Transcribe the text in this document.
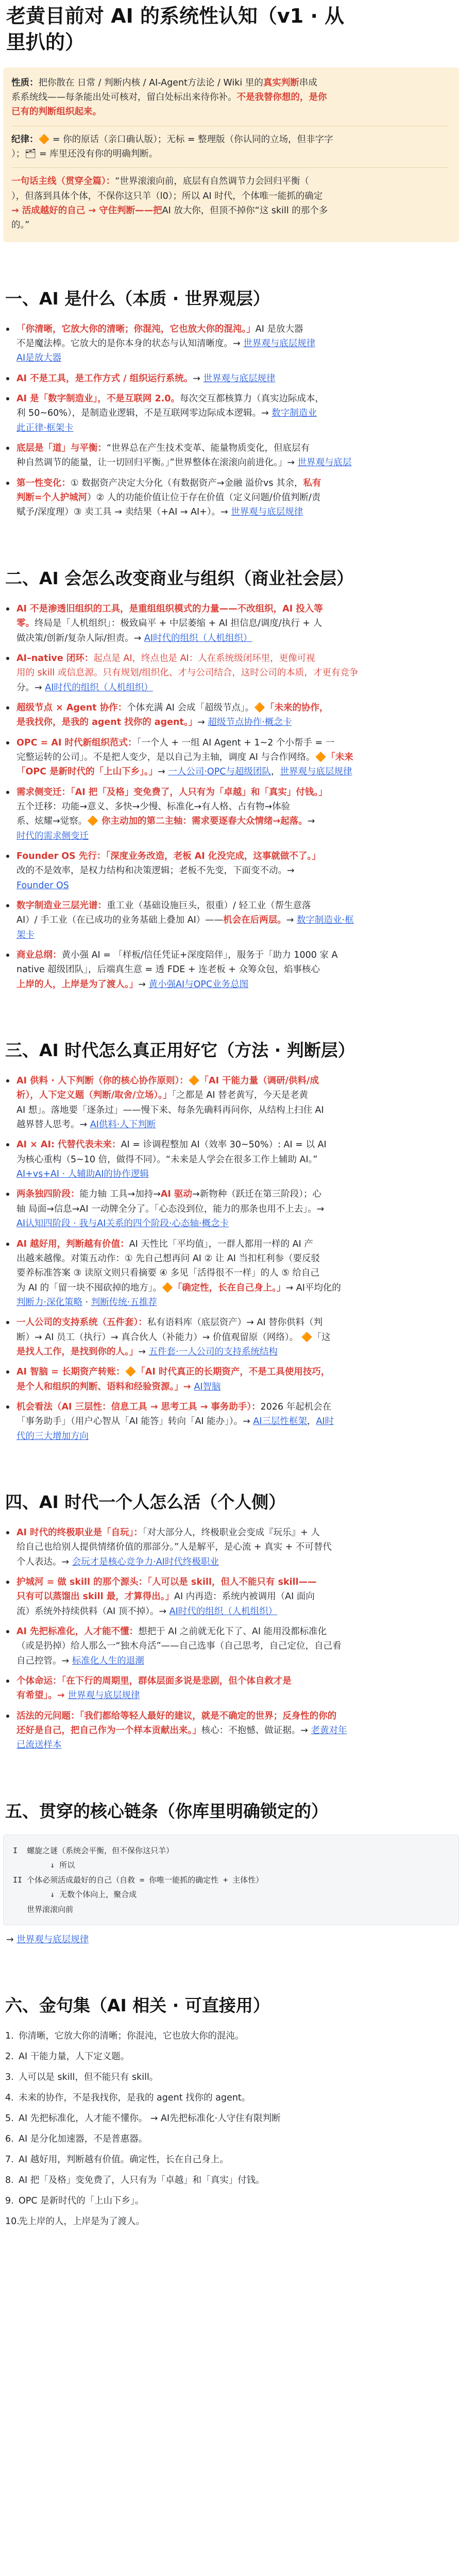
老黄目前对 AI 的系统性认知（v1 · 从
里扒的）
性质：把你散在 日常 / 判断内核 / AI-Agent方法论 / Wiki 里的真实判断串成
系系统线——每条能出处可核对，留白处标出来待你补。不是我替你想的，是你
已有的判断组织起来。
纪律：🔶 = 你的原话（亲口确认版）；无标 = 整理版（你认同的立场，但非字字
）；🗂 = 库里还没有你的明确判断。
一句话主线（贯穿全篇）：“世界滚滚向前，底层有自然调节力会回归平衡（
），但落到具体个体，不保你这只羊（l0）；所以 AI 时代，个体唯一能抓的确定
→ 活成越好的自己 → 守住判断——把AI 放大你，但顶不掉你“这 skill 的那个多
的。”
一、AI 是什么（本质 · 世界观层）
「你清晰，它放大你的清晰；你混沌，它也放大你的混沌。」AI 是放大器
不是魔法棒。它放大的是你本身的状态与认知清晰度。→ 世界观与底层规律
AI是放大器
AI 不是工具，是工作方式 / 组织运行系统。→ 世界观与底层规律
AI 是「数字制造业」，不是互联网 2.0。每次交互都核算力（真实边际成本，
利 50~60%），是制造业逻辑，不是互联网零边际成本逻辑。→ 数字制造业
此正律·框架卡
底层是「道」与平衡：“世界总在产生技术变革、能量物质变化，但底层有
种自然调节的能量，让一切回归平衡。」”世界整体在滚滚向前进化。」→ 世界观与底层
第一性变化：① 数据资产决定大分化（有数据资产→金融 溢价vs 其余，私有
判断=个人护城河）② 人的功能价值让位于存在价值（定义问题/价值判断/责
赋予/深度理）③ 卖工具 → 卖结果（+AI → AI+）。→ 世界观与底层规律
二、AI 会怎么改变商业与组织（商业社会层）
AI 不是渗透旧组织的工具，是重组组织模式的力量——不改组织，AI 投入等
零。终局是「人机组织」：极致扁平 + 中层萎缩 + AI 担信息/调度/执行 + 人
做决策/创新/复杂人际/担责。→ AI时代的组织（人机组织）
AI–native 闭环：起点是 AI，终点也是 AI：人在系统级闭环里，更像可视
用的 skill 或信息源。只有规划/组织化、才与公司结合，这时公司的本质，才更有竞争
分。→ AI时代的组织（人机组织）
超级节点 × Agent 协作：个体充满 AI 会成「超级节点」。🔶「未来的协作，
是我找你，是我的 agent 找你的 agent。」→ 超级节点协作·概念卡
OPC = AI 时代新组织范式：「一个人 + 一组 AI Agent + 1~2 个小帮手 = 一
完整运转的公司」。不是把人变少，是以自己为主轴，调度 AI 与合作网络。🔶「未来
「OPC 是新时代的「上山下乡」。」→ 一人公司·OPC与超级团队，世界观与底层规律
需求侧变迁：「AI 把「及格」变免费了，人只有为「卓越」和「真实」付钱。」
五个迁移：功能→意义、多快→少慢、标准化→有人格、占有物→体验
系、炫耀→觉察。🔶 你主动加的第二主轴：需求要逐春大众情绪→起落。→
时代的需求侧变迁
Founder OS 先行：「深度业务改造，老板 AI 化没完成，这事就做不了。」
改的不是效率，是权力结构和决策逻辑；老板不先变，下面变不动。→
Founder OS
数字制造业三层光谱：重工业（基础设施巨头，很重）/ 轻工业（帮生意落
AI）/ 手工业（在已成功的业务基础上叠加 AI）——机会在后两层。→ 数字制造业·框
架卡
商业总纲：黄小强 AI = 「样板/信任凭证+深度陪伴」，服务于「助力 1000 家 A
native 超级团队」，后端真生意 = 透 FDE + 连老板 + 众筹众包，焰事核心
上岸的人，上岸是为了渡人。」→ 黄小强AI与OPC业务总图
三、AI 时代怎么真正用好它（方法 · 判断层）
AI 供料 · 人下判断（你的核心协作原则）：🔶「AI 干能力量（调研/供料/成
析），人下定义题（判断/取舍/立场）。」「之都是 AI 替老黄写，今天是老黄
AI 想」。落地要「逐条过」——慢下来、每条先确料再问你，从结构上扫住 AI
越界替人思考。→ AI供料·人下判断
AI × AI: 代替代表未来：AI = 诊调程整加 AI（效率 30~50%）: AI = 以 AI
为核心重构（5~10 倍，做得不同）。“未来是人学会在很多工作上辅助 AI。”
AI+vs+AI · 人辅助AI的协作逻辑
两条独四阶段：能力轴 工具→加持→AI 驱动→新物种（跃迁在第三阶段）；心
轴 局面→信息→AI 一动牌全分了。「心态没到位，能力的那条也用不上去」。→
AI认知四阶段 · 我与AI关系的四个阶段·心态轴·概念卡
AI 越好用，判断越有价值：AI 天性比「平均值」，一群人都用一样的 AI 产
出越来越像。对策五动作：① 先自己想再问 AI ② 让 AI 当扣杠利参（要反驳
要养标准答案 ③ 读原文则只看摘要 ④ 多见「活得很不一样」的人 ⑤ 给自己
为 AI 的「留一块不囤砍掉的地方」。🔶「确定性，长在自己身上。」→ AI平均化的
判断力·深化策略 · 判断传统·五推荐
一人公司的支持系统（五件套）：私有语料库（底层资产）→ AI 替你供料（判
断）→ AI 员工（执行）→ 真合伙人（补能力）→ 价值观留原（网络）。 🔶「这
是找人工作，是找到你的人。」→ 五件套·一人公司的支持系统结构
AI 智脑 = 长期资产转账：🔶「AI 时代真正的长期资产，不是工具使用技巧，
是个人和组织的判断、语料和经验资源。」→ AI智脑
机会看法（AI 三层性：信息工具 → 思考工具 → 事务助手）：2026 年起机会在
「事务助手」（用户心智从「AI 能答」转向「AI 能办」）。→ AI三层性框架，AI时
代的三大增加方向
四、AI 时代一个人怎么活（个人侧）
AI 时代的终极职业是「自玩」：「对大部分人，终极职业会变成『玩乐』+ 人
给自己也给别人提供情绪价值的那部分。”人是解平，是心流 + 真实 + 不可替代
个人表达。→ 会玩才是核心竞争力·AI时代终极职业
护城河 = 做 skill 的那个源头：「人可以是 skill，但人不能只有 skill——
只有可以蒸馏出 skill 最，才算得出。」AI 内再造：系统内被调用（AI 面向
流）系统外持续供料（AI 顶不掉）。→ AI时代的组织（人机组织）
AI 先把标准化，人才能不懂：想把于 AI 之前就无化下了、AI 能用没都标准化
（或是扔掉）给人那么一“独木舟活”——自己选事（自己思考，自己定位，自己看
自己控管。→ 标准化人生的退潮
个体命运：「在下行的周期里，群体层面多说是悲剧，但个体自救才是
有希望」。→ 世界观与底层规律
活法的元问题：「我们都给等轻人最好的建议，就是不确定的世界；反身性的你的
还好是自己，把自己作为一个样本贡献出来。」核心：不抱憾、做证据。→ 老黄对年
已流送样本
五、贯穿的核心链条（你库里明确锁定的）
I  螺旋之谜（系统会平衡，但不保你这只羊）
↓ 所以
II 个体必须活成最好的自己（自救 = 你唯一能抓的确定性 + 主体性）
↓ 无数个体向上，聚合成
世界滚滚向前
→ 世界观与底层规律
六、金句集（AI 相关 · 可直接用）
1. 你清晰，它放大你的清晰；你混沌，它也放大你的混沌。
2. AI 干能力量，人下定义题。
3. 人可以是 skill，但不能只有 skill。
4. 未来的协作，不是我找你，是我的 agent 找你的 agent。
5. AI 先把标准化，人才能不懂你。 → AI先把标准化·人守住有限判断
6. AI 是分化加速器，不是普惠器。
7. AI 越好用，判断越有价值。确定性，长在自己身上。
8. AI 把「及格」变免费了，人只有为「卓越」和「真实」付钱。
9. OPC 是新时代的「上山下乡」。
10.先上岸的人，上岸是为了渡人。
